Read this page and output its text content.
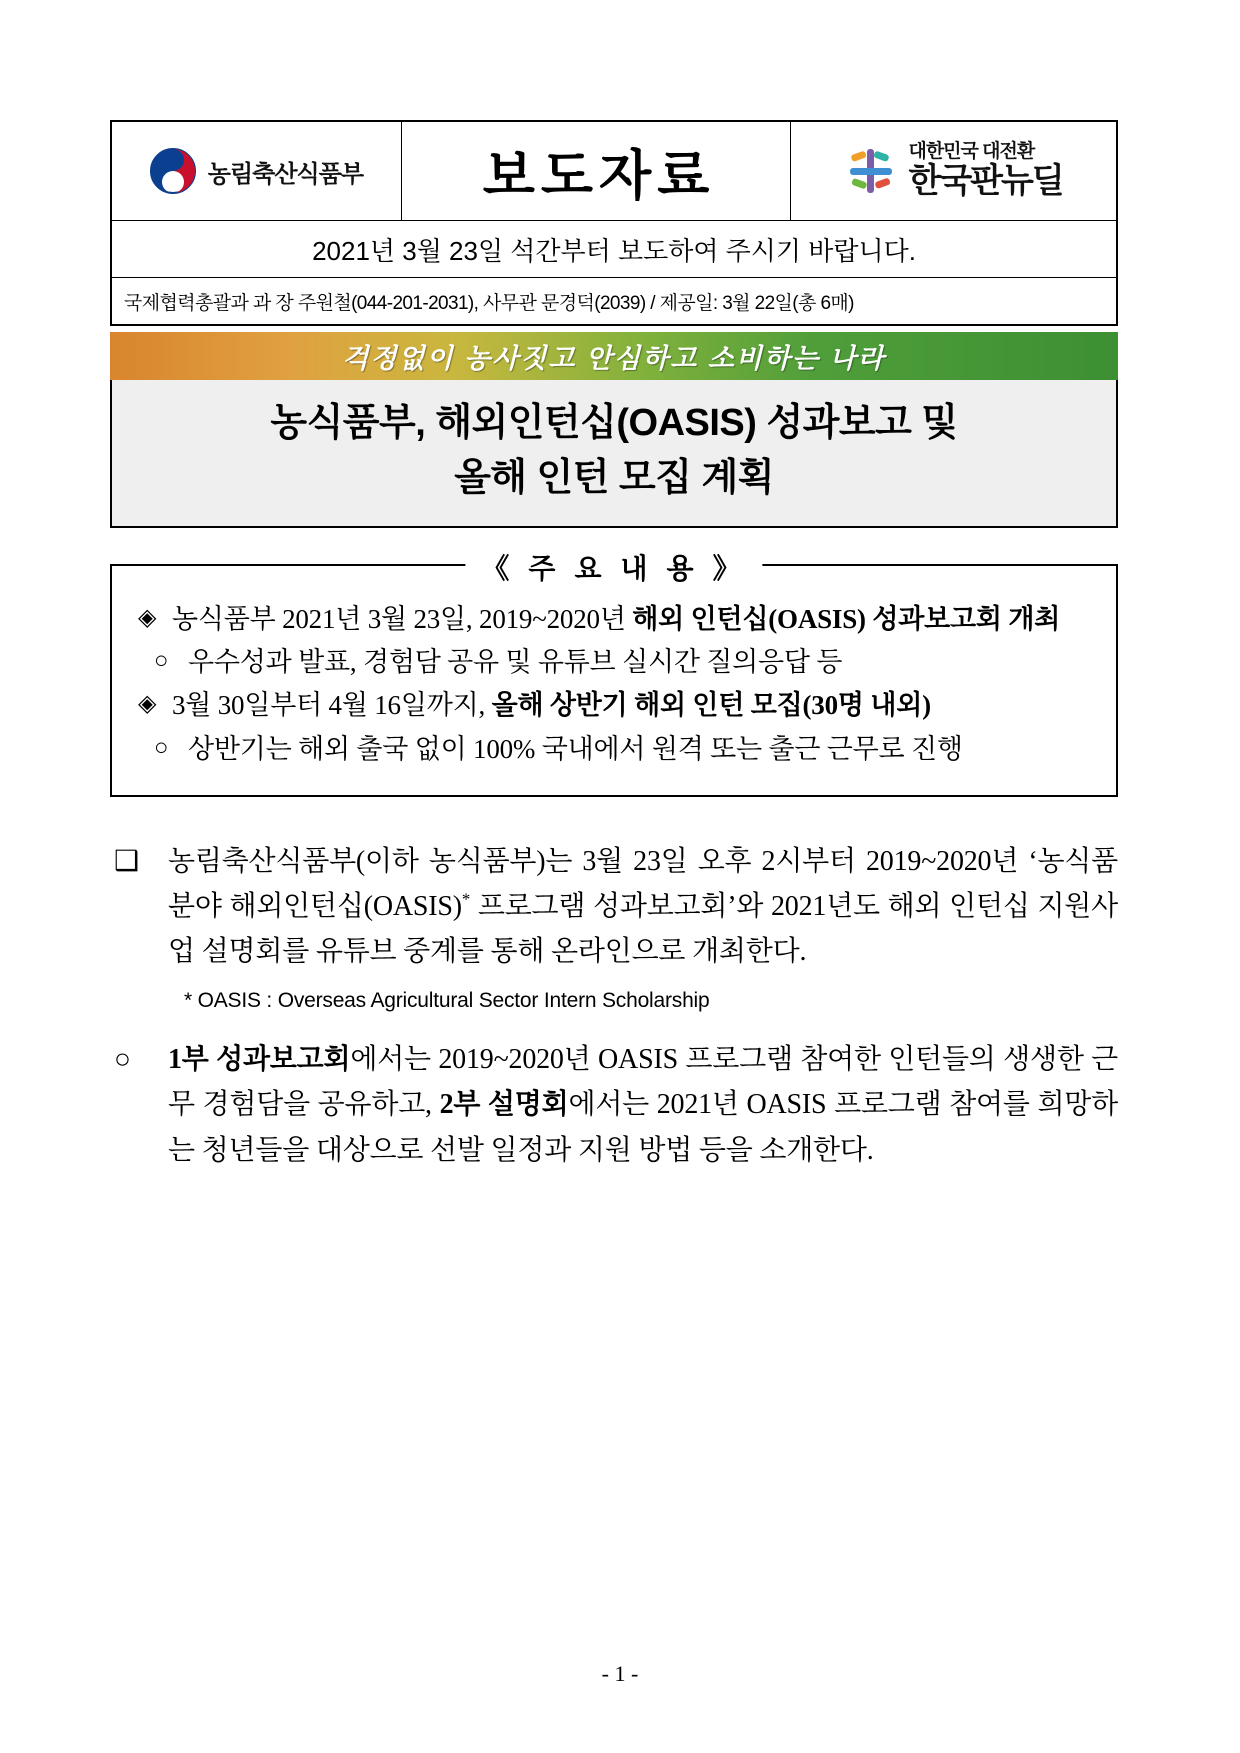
농림축산식품부	보도자료	대한민국 대전환
한국판뉴딜

2021년 3월 23일 석간부터 보도하여 주시기 바랍니다.

국제협력총괄과 과 장 주원철(044-201-2031), 사무관 문경덕(2039) / 제공일: 3월 22일(총 6매)
걱정없이 농사짓고 안심하고 소비하는 나라
농식품부, 해외인턴십(OASIS) 성과보고 및
올해 인턴 모집 계획
《 주 요 내 용 》
◈ 농식품부 2021년 3월 23일, 2019~2020년 해외 인턴십(OASIS) 성과보고회 개최
○ 우수성과 발표, 경험담 공유 및 유튜브 실시간 질의응답 등
◈ 3월 30일부터 4월 16일까지, 올해 상반기 해외 인턴 모집(30명 내외)
○ 상반기는 해외 출국 없이 100% 국내에서 원격 또는 출근 근무로 진행
❑	농림축산식품부(이하 농식품부)는 3월 23일 오후 2시부터 2019~2020년 ‘농식품 분야 해외인턴십(OASIS)* 프로그램 성과보고회’와 2021년도 해외 인턴십 지원사업 설명회를 유튜브 중계를 통해 온라인으로 개최한다.
* OASIS : Overseas Agricultural Sector Intern Scholarship
○	1부 성과보고회에서는 2019~2020년 OASIS 프로그램 참여한 인턴들의 생생한 근무 경험담을 공유하고, 2부 설명회에서는 2021년 OASIS 프로그램 참여를 희망하는 청년들을 대상으로 선발 일정과 지원 방법 등을 소개한다.
- 1 -
